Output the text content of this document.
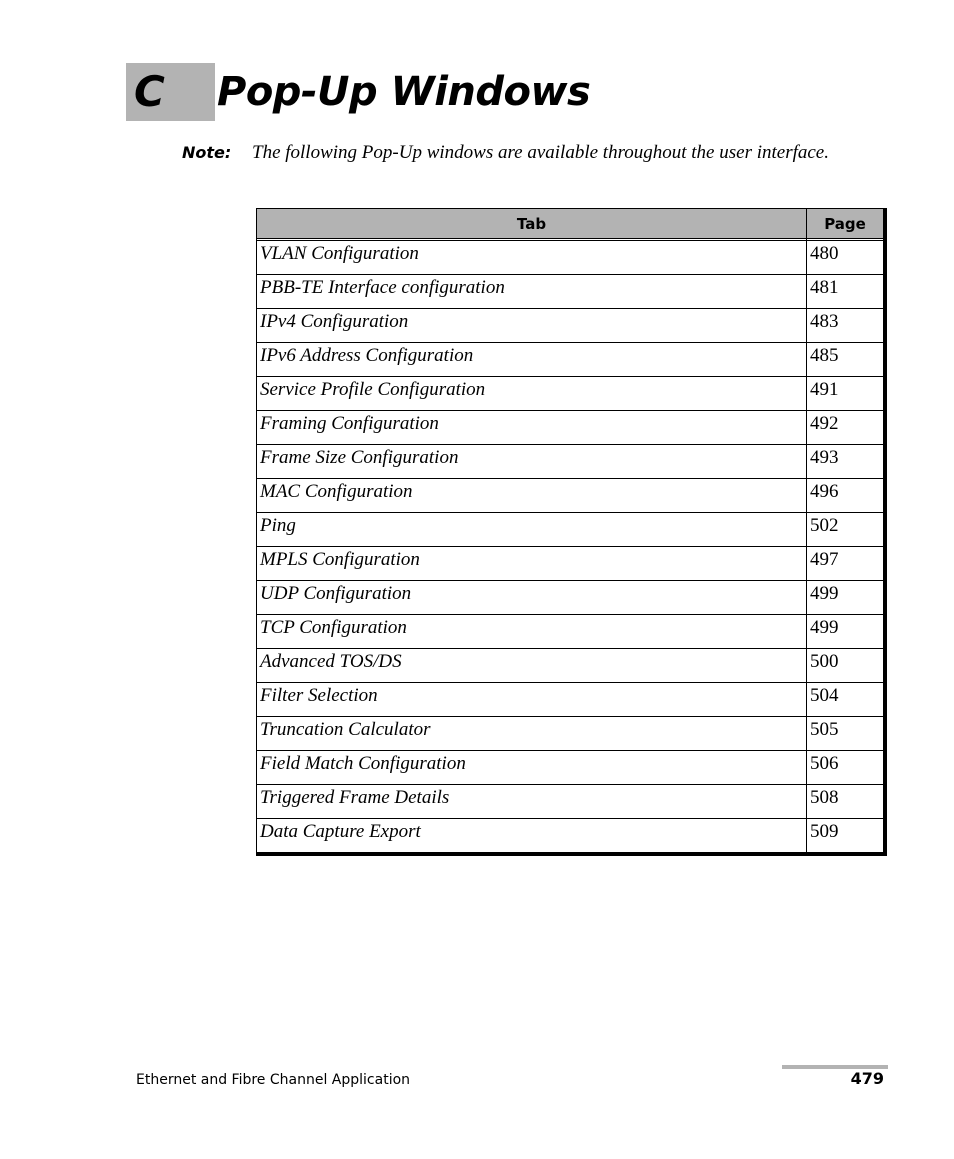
C Pop-Up Windows
Note: The following Pop-Up windows are available throughout the user interface.
Tab	Page

VLAN Configuration	480
PBB-TE Interface configuration	481
IPv4 Configuration	483
IPv6 Address Configuration	485
Service Profile Configuration	491
Framing Configuration	492
Frame Size Configuration	493
MAC Configuration	496
Ping	502
MPLS Configuration	497
UDP Configuration	499
TCP Configuration	499
Advanced TOS/DS	500
Filter Selection	504
Truncation Calculator	505
Field Match Configuration	506
Triggered Frame Details	508
Data Capture Export	509
Ethernet and Fibre Channel Application	479
